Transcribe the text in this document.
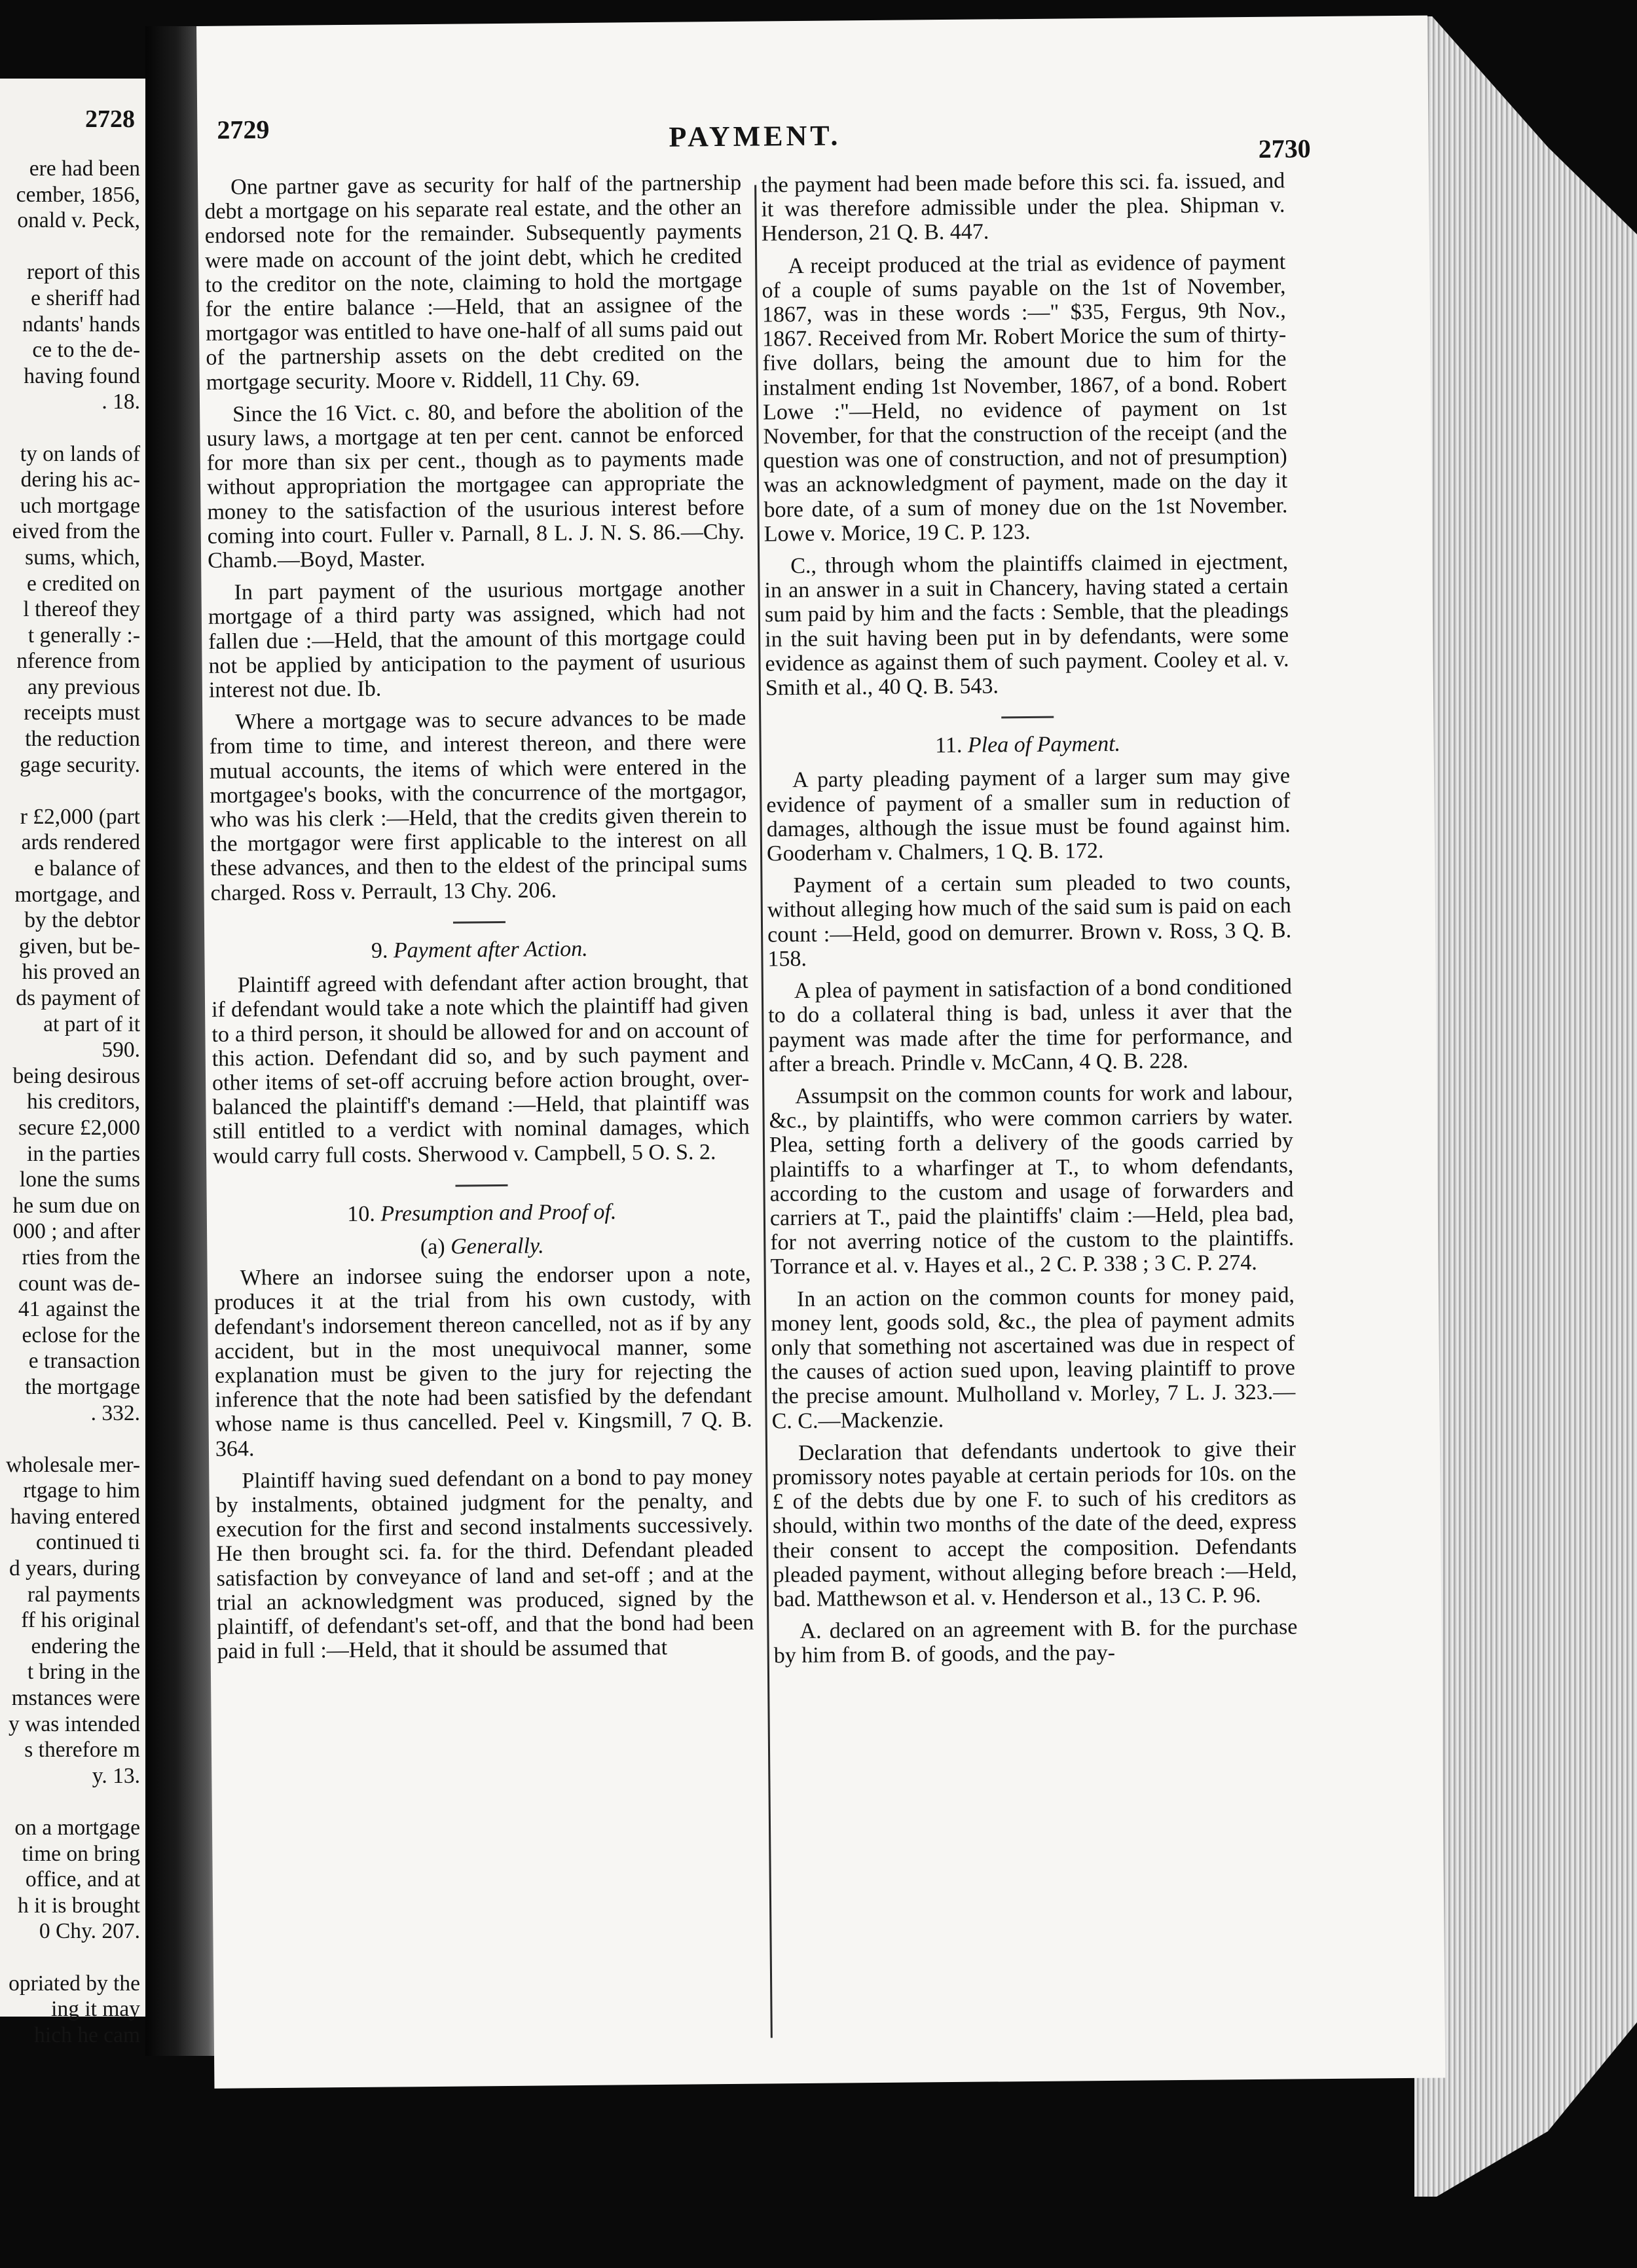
2728
ere had been
cember, 1856,
onald v. Peck,

report of this
e sheriff had
ndants' hands
ce to the de-
having found
. 18.

ty on lands of
dering his ac-
uch mortgage
eived from the
sums, which,
e credited on
l thereof they
t generally :-
nference from
any previous
receipts must
the reduction
gage security.

r £2,000 (part
ards rendered
e balance of
mortgage, and
by the debtor
given, but be-
his proved an
ds payment of
at part of it
590.
being desirous
his creditors,
secure £2,000
in the parties
lone the sums
he sum due on
000 ; and after
rties from the
count was de-
41 against the
eclose for the
e transaction
the mortgage
. 332.

wholesale mer-
rtgage to him
having entered
continued ti
d years, during
ral payments
ff his original
endering the
t bring in the
mstances were
y was intended
s therefore m
y. 13.

on a mortgage
time on bring
office, and at
h it is brought
0 Chy. 207.

opriated by the
ing it may
hich he cam
2729	PAYMENT.	2730

One partner gave as security for half of the partnership debt a mortgage on his separate real estate, and the other an endorsed note for the remainder. Subsequently payments were made on account of the joint debt, which he credited to the creditor on the note, claiming to hold the mortgage for the entire balance :—Held, that an assignee of the mortgagor was entitled to have one-half of all sums paid out of the partnership assets on the debt credited on the mortgage security. Moore v. Riddell, 11 Chy. 69.

Since the 16 Vict. c. 80, and before the abolition of the usury laws, a mortgage at ten per cent. cannot be enforced for more than six per cent., though as to payments made without appropriation the mortgagee can appropriate the money to the satisfaction of the usurious interest before coming into court. Fuller v. Parnall, 8 L. J. N. S. 86.—Chy. Chamb.—Boyd, Master.

In part payment of the usurious mortgage another mortgage of a third party was assigned, which had not fallen due :—Held, that the amount of this mortgage could not be applied by anticipation to the payment of usurious interest not due. Ib.

Where a mortgage was to secure advances to be made from time to time, and interest thereon, and there were mutual accounts, the items of which were entered in the mortgagee's books, with the concurrence of the mortgagor, who was his clerk :—Held, that the credits given therein to the mortgagor were first applicable to the interest on all these advances, and then to the eldest of the principal sums charged. Ross v. Perrault, 13 Chy. 206.

9. Payment after Action.

Plaintiff agreed with defendant after action brought, that if defendant would take a note which the plaintiff had given to a third person, it should be allowed for and on account of this action. Defendant did so, and by such payment and other items of set-off accruing before action brought, over-balanced the plaintiff's demand :—Held, that plaintiff was still entitled to a verdict with nominal damages, which would carry full costs. Sherwood v. Campbell, 5 O. S. 2.

10. Presumption and Proof of.
(a) Generally.

Where an indorsee suing the endorser upon a note, produces it at the trial from his own custody, with defendant's indorsement thereon cancelled, not as if by any accident, but in the most unequivocal manner, some explanation must be given to the jury for rejecting the inference that the note had been satisfied by the defendant whose name is thus cancelled. Peel v. Kingsmill, 7 Q. B. 364.

Plaintiff having sued defendant on a bond to pay money by instalments, obtained judgment for the penalty, and execution for the first and second instalments successively. He then brought sci. fa. for the third. Defendant pleaded satisfaction by conveyance of land and set-off ; and at the trial an acknowledgment was produced, signed by the plaintiff, of defendant's set-off, and that the bond had been paid in full :—Held, that it should be assumed that

the payment had been made before this sci. fa. issued, and it was therefore admissible under the plea. Shipman v. Henderson, 21 Q. B. 447.

A receipt produced at the trial as evidence of payment of a couple of sums payable on the 1st of November, 1867, was in these words :—" $35, Fergus, 9th Nov., 1867. Received from Mr. Robert Morice the sum of thirty-five dollars, being the amount due to him for the instalment ending 1st November, 1867, of a bond. Robert Lowe :"—Held, no evidence of payment on 1st November, for that the construction of the receipt (and the question was one of construction, and not of presumption) was an acknowledgment of payment, made on the day it bore date, of a sum of money due on the 1st November. Lowe v. Morice, 19 C. P. 123.

C., through whom the plaintiffs claimed in ejectment, in an answer in a suit in Chancery, having stated a certain sum paid by him and the facts : Semble, that the pleadings in the suit having been put in by defendants, were some evidence as against them of such payment. Cooley et al. v. Smith et al., 40 Q. B. 543.

11. Plea of Payment.

A party pleading payment of a larger sum may give evidence of payment of a smaller sum in reduction of damages, although the issue must be found against him. Gooderham v. Chalmers, 1 Q. B. 172.

Payment of a certain sum pleaded to two counts, without alleging how much of the said sum is paid on each count :—Held, good on demurrer. Brown v. Ross, 3 Q. B. 158.

A plea of payment in satisfaction of a bond conditioned to do a collateral thing is bad, unless it aver that the payment was made after the time for performance, and after a breach. Prindle v. McCann, 4 Q. B. 228.

Assumpsit on the common counts for work and labour, &c., by plaintiffs, who were common carriers by water. Plea, setting forth a delivery of the goods carried by plaintiffs to a wharfinger at T., to whom defendants, according to the custom and usage of forwarders and carriers at T., paid the plaintiffs' claim :—Held, plea bad, for not averring notice of the custom to the plaintiffs. Torrance et al. v. Hayes et al., 2 C. P. 338 ; 3 C. P. 274.

In an action on the common counts for money paid, money lent, goods sold, &c., the plea of payment admits only that something not ascertained was due in respect of the causes of action sued upon, leaving plaintiff to prove the precise amount. Mulholland v. Morley, 7 L. J. 323.—C. C.—Mackenzie.

Declaration that defendants undertook to give their promissory notes payable at certain periods for 10s. on the £ of the debts due by one F. to such of his creditors as should, within two months of the date of the deed, express their consent to accept the composition. Defendants pleaded payment, without alleging before breach :—Held, bad. Matthewson et al. v. Henderson et al., 13 C. P. 96.

A. declared on an agreement with B. for the purchase by him from B. of goods, and the pay-
